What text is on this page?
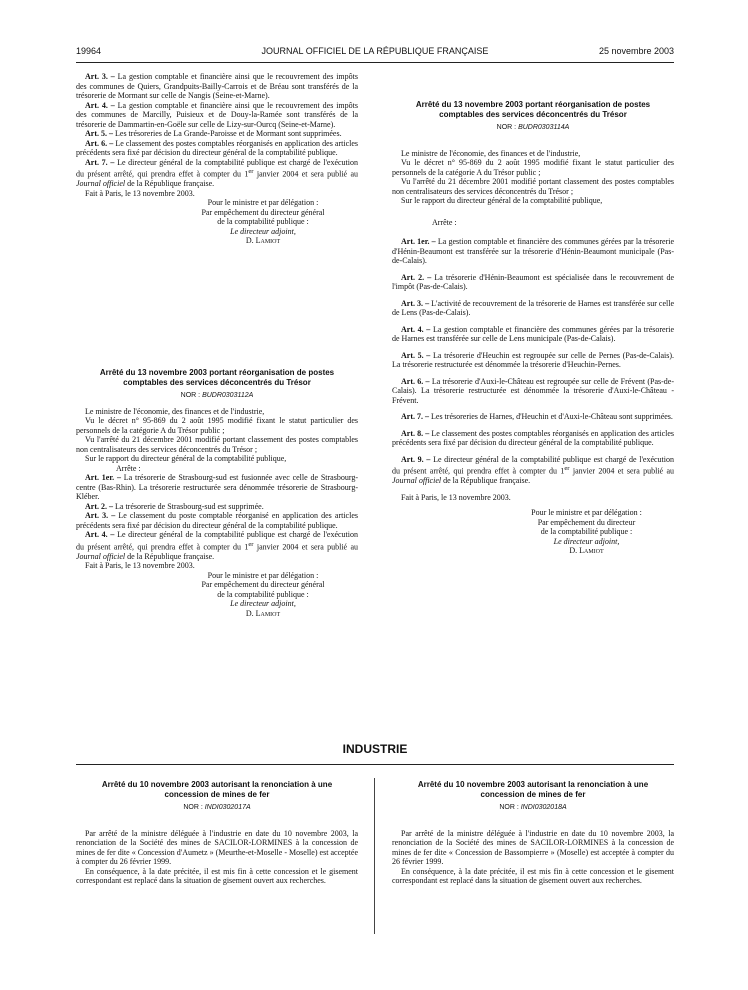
19964	JOURNAL OFFICIEL DE LA RÉPUBLIQUE FRANÇAISE	25 novembre 2003

Art. 3. – La gestion comptable et financière ainsi que le recouvrement des impôts des communes de Quiers, Grandpuits-Bailly-Carrois et de Bréau sont transférés de la trésorerie de Mormant sur celle de Nangis (Seine-et-Marne).

Art. 4. – La gestion comptable et financière ainsi que le recouvrement des impôts des communes de Marcilly, Puisieux et de Douy-la-Ramée sont transférés de la trésorerie de Dammartin-en-Goële sur celle de Lizy-sur-Ourcq (Seine-et-Marne).

Art. 5. – Les trésoreries de La Grande-Paroisse et de Mormant sont supprimées.

Art. 6. – Le classement des postes comptables réorganisés en application des articles précédents sera fixé par décision du directeur général de la comptabilité publique.

Art. 7. – Le directeur général de la comptabilité publique est chargé de l'exécution du présent arrêté, qui prendra effet à compter du 1er janvier 2004 et sera publié au Journal officiel de la République française.

Fait à Paris, le 13 novembre 2003.

Pour le ministre et par délégation :
Par empêchement du directeur général
de la comptabilité publique :
Le directeur adjoint,
D. Lamiot
Arrêté du 13 novembre 2003 portant réorganisation de postes comptables des services déconcentrés du Trésor
NOR : BUDR0303112A

Le ministre de l'économie, des finances et de l'industrie,

Vu le décret n° 95-869 du 2 août 1995 modifié fixant le statut particulier des personnels de la catégorie A du Trésor public ;

Vu l'arrêté du 21 décembre 2001 modifié portant classement des postes comptables non centralisateurs des services déconcentrés du Trésor ;

Sur le rapport du directeur général de la comptabilité publique,

Arrête :

Art. 1er. – La trésorerie de Strasbourg-sud est fusionnée avec celle de Strasbourg-centre (Bas-Rhin). La trésorerie restructurée sera dénommée trésorerie de Strasbourg-Kléber.

Art. 2. – La trésorerie de Strasbourg-sud est supprimée.

Art. 3. – Le classement du poste comptable réorganisé en application des articles précédents sera fixé par décision du directeur général de la comptabilité publique.

Art. 4. – Le directeur général de la comptabilité publique est chargé de l'exécution du présent arrêté, qui prendra effet à compter du 1er janvier 2004 et sera publié au Journal officiel de la République française.

Fait à Paris, le 13 novembre 2003.

Pour le ministre et par délégation :
Par empêchement du directeur général
de la comptabilité publique :
Le directeur adjoint,
D. Lamiot
Arrêté du 13 novembre 2003 portant réorganisation de postes comptables des services déconcentrés du Trésor
NOR : BUDR0303114A

Le ministre de l'économie, des finances et de l'industrie,

Vu le décret n° 95-869 du 2 août 1995 modifié fixant le statut particulier des personnels de la catégorie A du Trésor public ;

Vu l'arrêté du 21 décembre 2001 modifié portant classement des postes comptables non centralisateurs des services déconcentrés du Trésor ;

Sur le rapport du directeur général de la comptabilité publique,

Arrête :

Art. 1er. – La gestion comptable et financière des communes gérées par la trésorerie d'Hénin-Beaumont est transférée sur la trésorerie d'Hénin-Beaumont municipale (Pas-de-Calais).

Art. 2. – La trésorerie d'Hénin-Beaumont est spécialisée dans le recouvrement de l'impôt (Pas-de-Calais).

Art. 3. – L'activité de recouvrement de la trésorerie de Harnes est transférée sur celle de Lens (Pas-de-Calais).

Art. 4. – La gestion comptable et financière des communes gérées par la trésorerie de Harnes est transférée sur celle de Lens municipale (Pas-de-Calais).

Art. 5. – La trésorerie d'Heuchin est regroupée sur celle de Pernes (Pas-de-Calais). La trésorerie restructurée est dénommée la trésorerie d'Heuchin-Pernes.

Art. 6. – La trésorerie d'Auxi-le-Château est regroupée sur celle de Frévent (Pas-de-Calais). La trésorerie restructurée est dénommée la trésorerie d'Auxi-le-Château - Frévent.

Art. 7. – Les trésoreries de Harnes, d'Heuchin et d'Auxi-le-Château sont supprimées.

Art. 8. – Le classement des postes comptables réorganisés en application des articles précédents sera fixé par décision du directeur général de la comptabilité publique.

Art. 9. – Le directeur général de la comptabilité publique est chargé de l'exécution du présent arrêté, qui prendra effet à compter du 1er janvier 2004 et sera publié au Journal officiel de la République française.

Fait à Paris, le 13 novembre 2003.

Pour le ministre et par délégation :
Par empêchement du directeur
de la comptabilité publique :
Le directeur adjoint,
D. Lamiot
INDUSTRIE
Arrêté du 10 novembre 2003 autorisant la renonciation à une concession de mines de fer
NOR : INDI0302017A

Par arrêté de la ministre déléguée à l'industrie en date du 10 novembre 2003, la renonciation de la Société des mines de SACILOR-LORMINES à la concession de mines de fer dite « Concession d'Aumetz » (Meurthe-et-Moselle - Moselle) est acceptée à compter du 26 février 1999.

En conséquence, à la date précitée, il est mis fin à cette concession et le gisement correspondant est replacé dans la situation de gisement ouvert aux recherches.

Arrêté du 10 novembre 2003 autorisant la renonciation à une concession de mines de fer
NOR : INDI0302018A

Par arrêté de la ministre déléguée à l'industrie en date du 10 novembre 2003, la renonciation de la Société des mines de SACILOR-LORMINES à la concession de mines de fer dite « Concession de Bassompierre » (Moselle) est acceptée à compter du 26 février 1999.

En conséquence, à la date précitée, il est mis fin à cette concession et le gisement correspondant est replacé dans la situation de gisement ouvert aux recherches.
